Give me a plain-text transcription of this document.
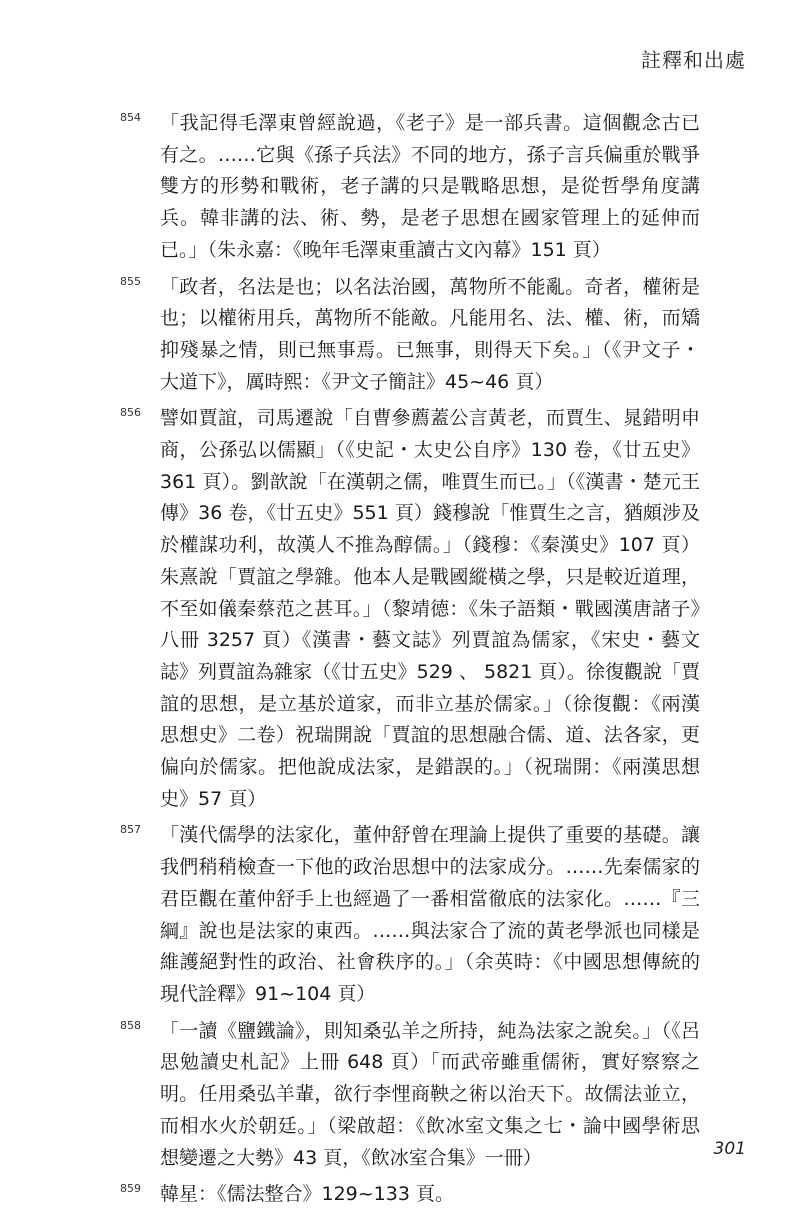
註釋和出處
854 「我記得毛澤東曾經說過，《老子》是一部兵書。這個觀念古已有之。……它與《孫子兵法》不同的地方，孫子言兵偏重於戰爭雙方的形勢和戰術，老子講的只是戰略思想，是從哲學角度講兵。韓非講的法、術、勢，是老子思想在國家管理上的延伸而已。」（朱永嘉：《晚年毛澤東重讀古文內幕》151 頁）

855 「政者，名法是也；以名法治國，萬物所不能亂。奇者，權術是也；以權術用兵，萬物所不能敵。凡能用名、法、權、術，而矯抑殘暴之情，則已無事焉。已無事，則得天下矣。」（《尹文子・大道下》，厲時熙：《尹文子簡註》45~46 頁）

856 譬如賈誼，司馬遷說「自曹參薦蓋公言黃老，而賈生、晁錯明申商，公孫弘以儒顯」（《史記・太史公自序》130 卷，《廿五史》361 頁）。劉歆說「在漢朝之儒，唯賈生而已。」（《漢書・楚元王傳》36 卷，《廿五史》551 頁）錢穆說「惟賈生之言，猶頗涉及於權謀功利，故漢人不推為醇儒。」（錢穆：《秦漢史》107 頁）朱熹說「賈誼之學雜。他本人是戰國縱橫之學，只是較近道理，不至如儀秦蔡范之甚耳。」（黎靖德：《朱子語類・戰國漢唐諸子》八冊 3257 頁）《漢書・藝文誌》列賈誼為儒家，《宋史・藝文誌》列賈誼為雜家（《廿五史》529 、 5821 頁）。徐復觀說「賈誼的思想，是立基於道家，而非立基於儒家。」（徐復觀：《兩漢思想史》二卷）祝瑞開說「賈誼的思想融合儒、道、法各家，更偏向於儒家。把他說成法家，是錯誤的。」（祝瑞開：《兩漢思想史》57 頁）

857 「漢代儒學的法家化，董仲舒曾在理論上提供了重要的基礎。讓我們稍稍檢查一下他的政治思想中的法家成分。……先秦儒家的君臣觀在董仲舒手上也經過了一番相當徹底的法家化。……『三綱』說也是法家的東西。……與法家合了流的黃老學派也同樣是維護絕對性的政治、社會秩序的。」（余英時：《中國思想傳統的現代詮釋》91~104 頁）

858 「一讀《鹽鐵論》，則知桑弘羊之所持，純為法家之說矣。」（《呂思勉讀史札記》上冊 648 頁）「而武帝雖重儒術，實好察察之明。任用桑弘羊輩，欲行李悝商鞅之術以治天下。故儒法並立，而相水火於朝廷。」（梁啟超：《飲冰室文集之七・論中國學術思想變遷之大勢》43 頁，《飲冰室合集》一冊）

859 韓星：《儒法整合》129~133 頁。

301
